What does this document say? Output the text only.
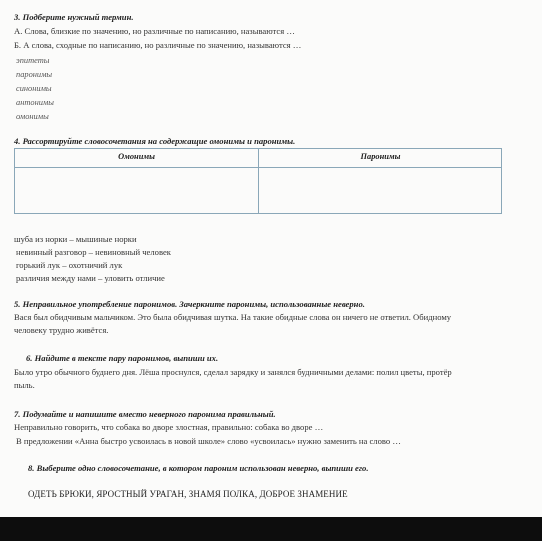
3. Подберите нужный термин.
А. Слова, близкие по значению, но различные по написанию, называются …
Б. А слова, сходные по написанию, но различные по значению, называются …
эпитеты
паронимы
синонимы
антонимы
омонимы
4. Рассортируйте словосочетания на содержащие омонимы и паронимы.
Омонимы	Паронимы
шуба из норки – мышиные норки
невинный разговор – невиновный человек
горький лук – охотничий лук
различия между нами – уловить отличие
5. Неправильное употребление паронимов. Зачеркните паронимы, использованные неверно.
Вася был обидчивым мальчиком. Это была обидчивая шутка. На такие обидные слова он ничего не ответил. Обидному
человеку трудно живётся.
6. Найдите в тексте пару паронимов, выпиши их.
Было утро обычного буднего дня. Лёша проснулся, сделал зарядку и занялся будничными делами: полил цветы, протёр
пыль.
7. Подумайте и напишите вместо неверного паронима правильный.
Неправильно говорить, что собака во дворе злостная, правильно: собака во дворе …
В предложении «Анна быстро усвоилась в новой школе» слово «усвоилась» нужно заменить на слово …
8. Выберите одно словосочетание, в котором пароним использован неверно, выпиши его.
ОДЕТЬ БРЮКИ, ЯРОСТНЫЙ УРАГАН, ЗНАМЯ ПОЛКА, ДОБРОЕ ЗНАМЕНИЕ
